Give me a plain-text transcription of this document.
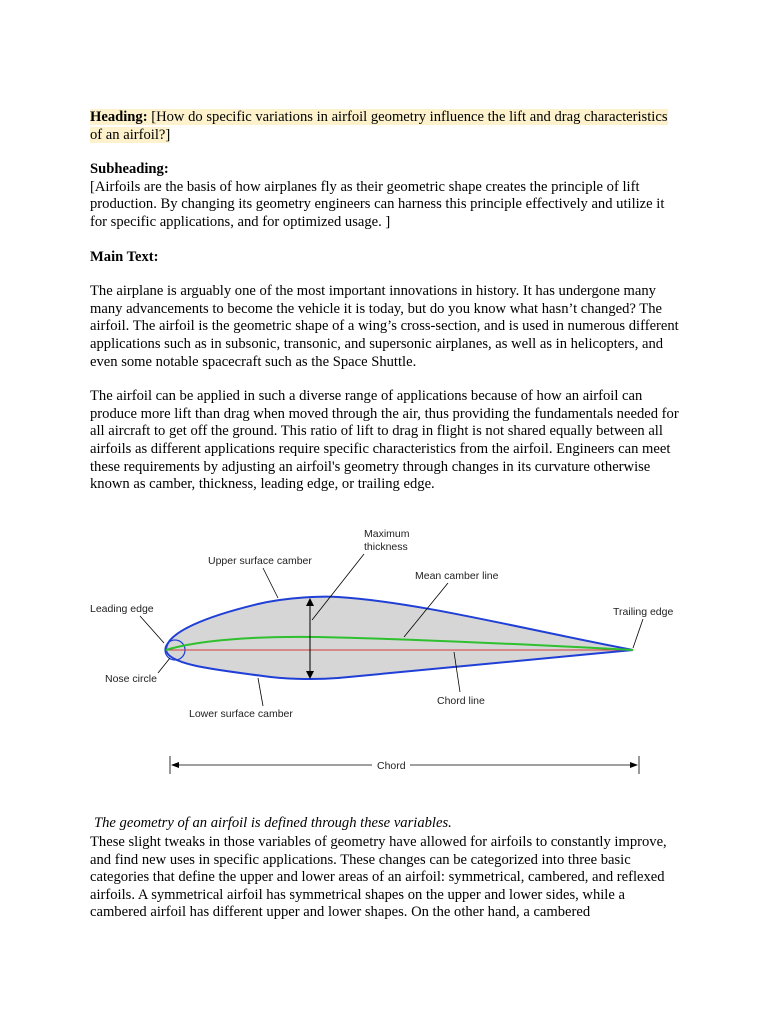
Heading: [How do specific variations in airfoil geometry influence the lift and drag characteristics of an airfoil?]

Subheading:
[Airfoils are the basis of how airplanes fly as their geometric shape creates the principle of lift production. By changing its geometry engineers can harness this principle effectively and utilize it for specific applications, and for optimized usage. ]

Main Text:

The airplane is arguably one of the most important innovations in history. It has undergone many many advancements to become the vehicle it is today, but do you know what hasn’t changed? The airfoil. The airfoil is the geometric shape of a wing’s cross-section, and is used in numerous different applications such as in subsonic, transonic, and supersonic airplanes, as well as in helicopters, and even some notable spacecraft such as the Space Shuttle.

The airfoil can be applied in such a diverse range of applications because of how an airfoil can produce more lift than drag when moved through the air, thus providing the fundamentals needed for all aircraft to get off the ground. This ratio of lift to drag in flight is not shared equally between all airfoils as different applications require specific characteristics from the airfoil. Engineers can meet these requirements by adjusting an airfoil's geometry through changes in its curvature otherwise known as camber, thickness, leading edge, or trailing edge.

Maximum
thickness
Upper surface camber
Mean camber line
Leading edge	Trailing edge
Nose circle
Chord line
Lower surface camber
Chord

The geometry of an airfoil is defined through these variables.

These slight tweaks in those variables of geometry have allowed for airfoils to constantly improve, and find new uses in specific applications. These changes can be categorized into three basic categories that define the upper and lower areas of an airfoil: symmetrical, cambered, and reflexed airfoils. A symmetrical airfoil has symmetrical shapes on the upper and lower sides, while a cambered airfoil has different upper and lower shapes. On the other hand, a cambered
